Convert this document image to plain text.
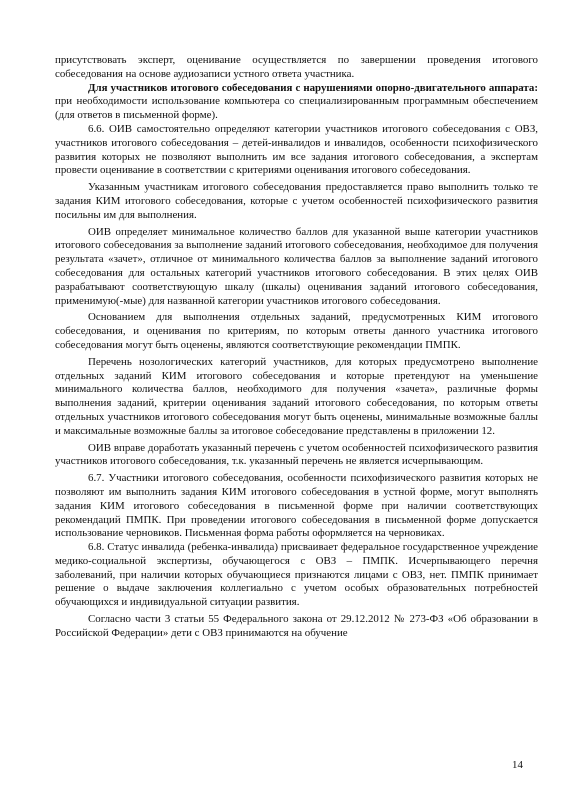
присутствовать эксперт, оценивание осуществляется по завершении проведения итогового собеседования на основе аудиозаписи устного ответа участника.

Для участников итогового собеседования с нарушениями опорно-двигательного аппарата: при необходимости использование компьютера со специализированным программным обеспечением (для ответов в письменной форме).

6.6. ОИВ самостоятельно определяют категории участников итогового собеседования с ОВЗ, участников итогового собеседования – детей-инвалидов и инвалидов, особенности психофизического развития которых не позволяют выполнить им все задания итогового собеседования, а экспертам провести оценивание в соответствии с критериями оценивания итогового собеседования.

Указанным участникам итогового собеседования предоставляется право выполнить только те задания КИМ итогового собеседования, которые с учетом особенностей психофизического развития посильны им для выполнения.

ОИВ определяет минимальное количество баллов для указанной выше категории участников итогового собеседования за выполнение заданий итогового собеседования, необходимое для получения результата «зачет», отличное от минимального количества баллов за выполнение заданий итогового собеседования для остальных категорий участников итогового собеседования. В этих целях ОИВ разрабатывают соответствующую шкалу (шкалы) оценивания заданий итогового собеседования, применимую(-мые) для названной категории участников итогового собеседования.

Основанием для выполнения отдельных заданий, предусмотренных КИМ итогового собеседования, и оценивания по критериям, по которым ответы данного участника итогового собеседования могут быть оценены, являются соответствующие рекомендации ПМПК.

Перечень нозологических категорий участников, для которых предусмотрено выполнение отдельных заданий КИМ итогового собеседования и которые претендуют на уменьшение минимального количества баллов, необходимого для получения «зачета», различные формы выполнения заданий, критерии оценивания заданий итогового собеседования, по которым ответы отдельных участников итогового собеседования могут быть оценены, минимальные возможные баллы и максимальные возможные баллы за итоговое собеседование представлены в приложении 12.

ОИВ вправе доработать указанный перечень с учетом особенностей психофизического развития участников итогового собеседования, т.к. указанный перечень не является исчерпывающим.

6.7. Участники итогового собеседования, особенности психофизического развития которых не позволяют им выполнить задания КИМ итогового собеседования в устной форме, могут выполнять задания КИМ итогового собеседования в письменной форме при наличии соответствующих рекомендаций ПМПК. При проведении итогового собеседования в письменной форме допускается использование черновиков. Письменная форма работы оформляется на черновиках.

6.8. Статус инвалида (ребенка-инвалида) присваивает федеральное государственное учреждение медико-социальной экспертизы, обучающегося с ОВЗ – ПМПК. Исчерпывающего перечня заболеваний, при наличии которых обучающиеся признаются лицами с ОВЗ, нет. ПМПК принимает решение о выдаче заключения коллегиально с учетом особых образовательных потребностей обучающихся и индивидуальной ситуации развития.

Согласно части 3 статьи 55 Федерального закона от 29.12.2012 № 273-ФЗ «Об образовании в Российской Федерации» дети с ОВЗ принимаются на обучение

14
